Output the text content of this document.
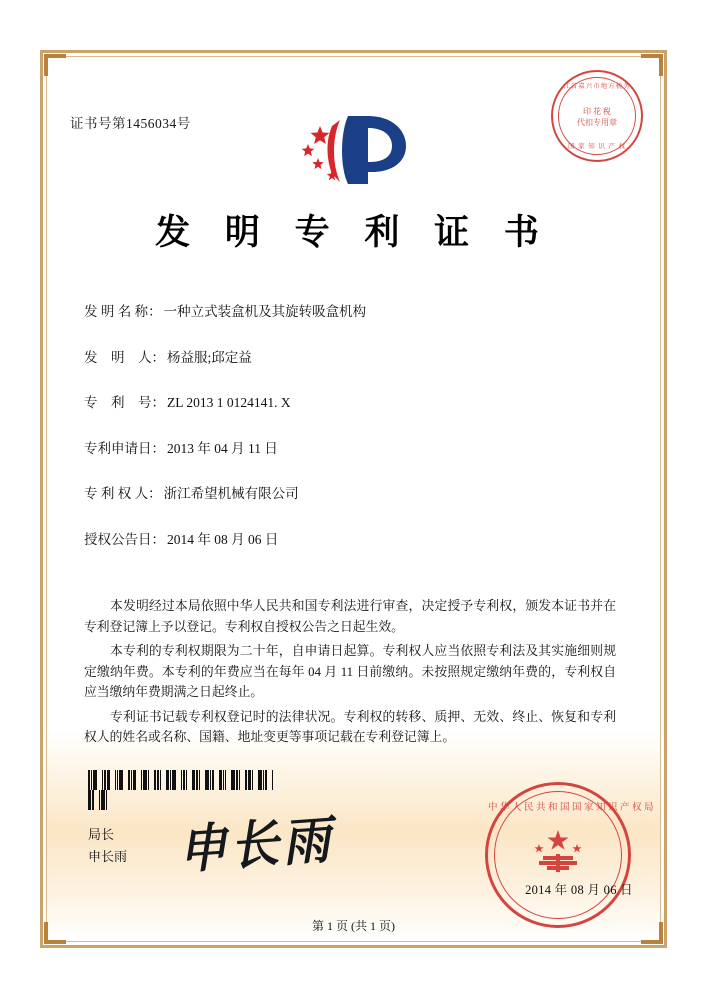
证书号第1456034号
浙江省嘉兴市地方税务局
印 花 税
代扣专用章
国 家 知 识 产 权
发 明 专 利 证 书
发 明 名 称： 一种立式装盒机及其旋转吸盒机构
发　明　人： 杨益服;邱定益
专　利　号： ZL 2013 1 0124141. X
专利申请日： 2013 年 04 月 11 日
专 利 权 人： 浙江希望机械有限公司
授权公告日： 2014 年 08 月 06 日

本发明经过本局依照中华人民共和国专利法进行审查，决定授予专利权，颁发本证书并在专利登记簿上予以登记。专利权自授权公告之日起生效。

本专利的专利权期限为二十年，自申请日起算。专利权人应当依照专利法及其实施细则规定缴纳年费。本专利的年费应当在每年 04 月 11 日前缴纳。未按照规定缴纳年费的，专利权自应当缴纳年费期满之日起终止。

专利证书记载专利权登记时的法律状况。专利权的转移、质押、无效、终止、恢复和专利权人的姓名或名称、国籍、地址变更等事项记载在专利登记簿上。

局长
申长雨 申⻓雨
中华人民共和国国家知识产权局
2014 年 08 月 06 日
第 1 页 (共 1 页)
